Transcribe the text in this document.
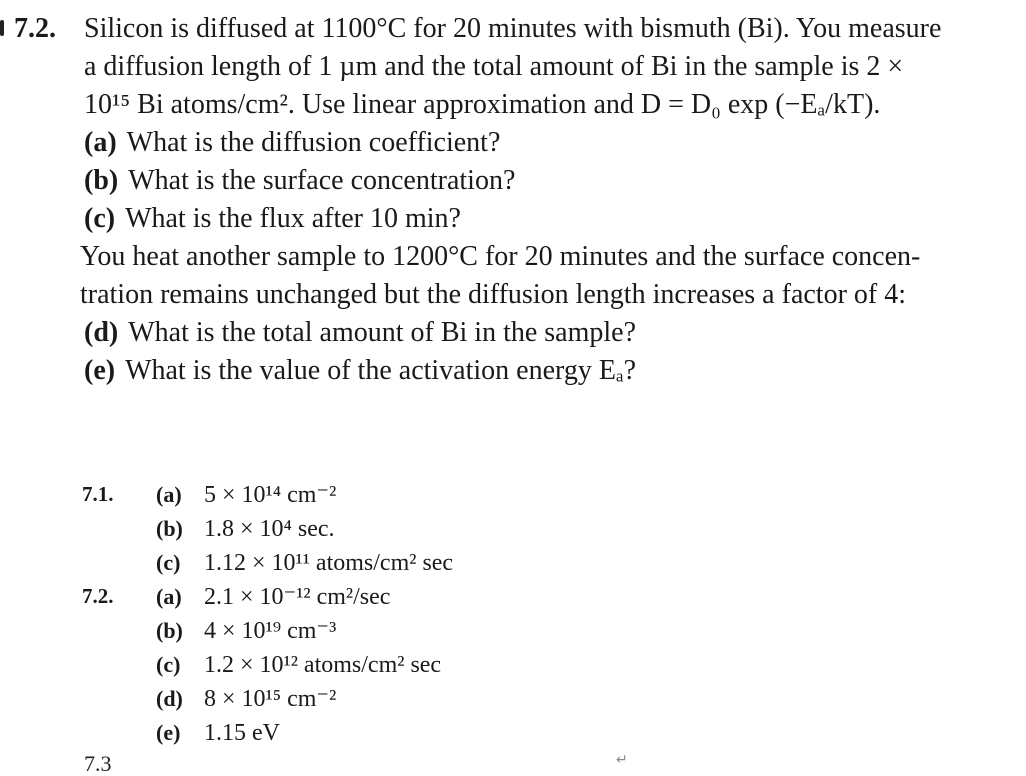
7.2. Silicon is diffused at 1100°C for 20 minutes with bismuth (Bi). You measure
a diffusion length of 1 µm and the total amount of Bi in the sample is 2 ×
10¹⁵ Bi atoms/cm². Use linear approximation and D = D₀ exp (−Eₐ/kT).
(a) What is the diffusion coefficient?
(b) What is the surface concentration?
(c) What is the flux after 10 min?
You heat another sample to 1200°C for 20 minutes and the surface concen-
tration remains unchanged but the diffusion length increases a factor of 4:
(d) What is the total amount of Bi in the sample?
(e) What is the value of the activation energy Eₐ?
7.1. (a) 5 × 10¹⁴ cm⁻²
(b) 1.8 × 10⁴ sec.
(c) 1.12 × 10¹¹ atoms/cm² sec
7.2. (a) 2.1 × 10⁻¹² cm²/sec
(b) 4 × 10¹⁹ cm⁻³
(c) 1.2 × 10¹² atoms/cm² sec
(d) 8 × 10¹⁵ cm⁻²
(e) 1.15 eV
↵
7.3
